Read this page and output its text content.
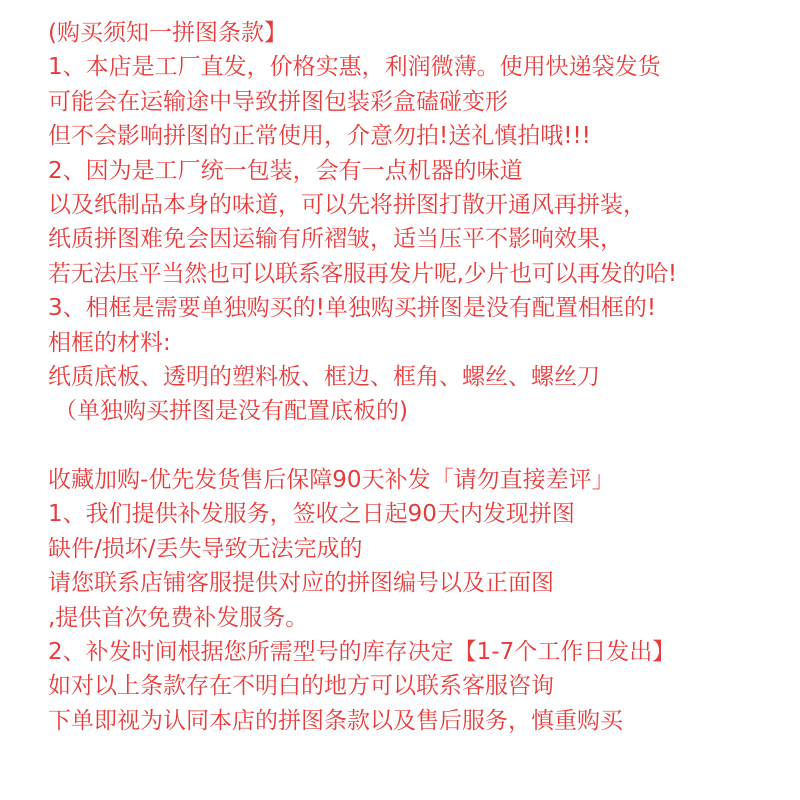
(购买须知一拼图条款】
1、本店是工厂直发，价格实惠，利润微薄。使用快递袋发货
可能会在运输途中导致拼图包装彩盒磕碰变形
但不会影响拼图的正常使用，介意勿拍!送礼慎拍哦!!!
2、因为是工厂统一包装，会有一点机器的味道
以及纸制品本身的味道，可以先将拼图打散开通风再拼装，
纸质拼图难免会因运输有所褶皱，适当压平不影响效果，
若无法压平当然也可以联系客服再发片呢,少片也可以再发的哈!
3、相框是需要单独购买的!单独购买拼图是没有配置相框的!
相框的材料:
纸质底板、透明的塑料板、框边、框角、螺丝、螺丝刀
（单独购买拼图是没有配置底板的)
收藏加购-优先发货售后保障90天补发「请勿直接差评」
1、我们提供补发服务，签收之日起90天内发现拼图
缺件/损坏/丢失导致无法完成的
请您联系店铺客服提供对应的拼图编号以及正面图
,提供首次免费补发服务。
2、补发时间根据您所需型号的库存决定【1-7个工作日发出】
如对以上条款存在不明白的地方可以联系客服咨询
下单即视为认同本店的拼图条款以及售后服务，慎重购买
